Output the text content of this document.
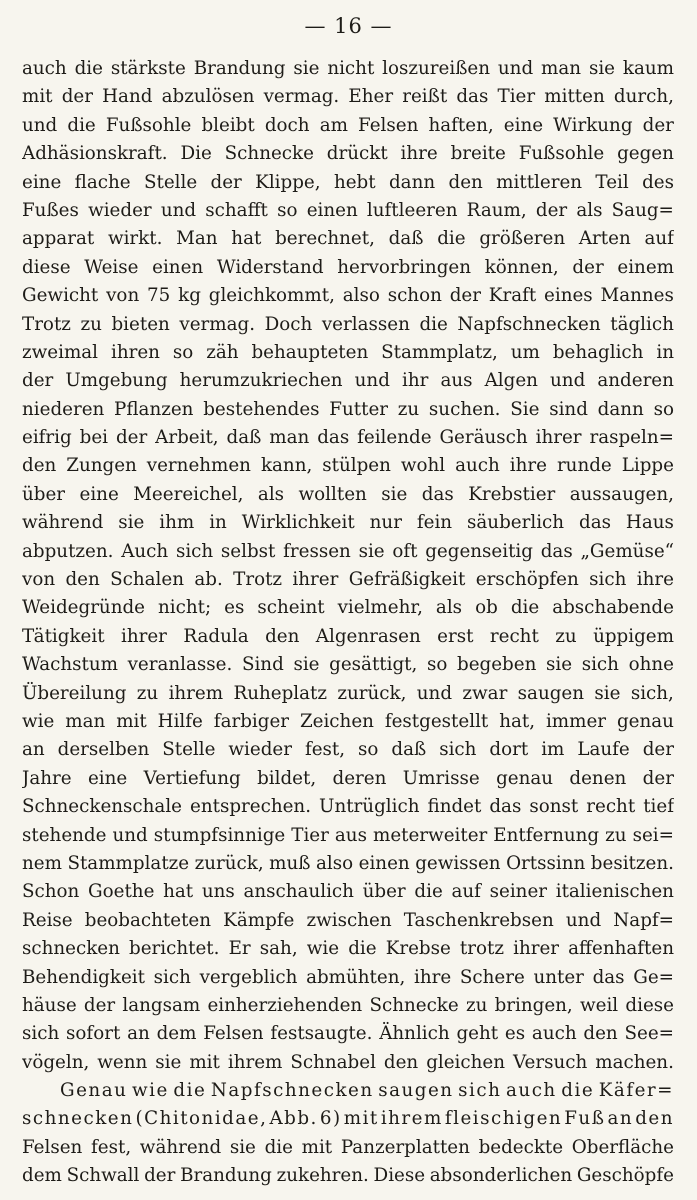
— 16 —
auch die stärkste Brandung sie nicht loszureißen und man sie kaum
mit der Hand abzulösen vermag. Eher reißt das Tier mitten durch,
und die Fußsohle bleibt doch am Felsen haften, eine Wirkung der
Adhäsionskraft. Die Schnecke drückt ihre breite Fußsohle gegen
eine flache Stelle der Klippe, hebt dann den mittleren Teil des
Fußes wieder und schafft so einen luftleeren Raum, der als Saug=
apparat wirkt. Man hat berechnet, daß die größeren Arten auf
diese Weise einen Widerstand hervorbringen können, der einem
Gewicht von 75 kg gleichkommt, also schon der Kraft eines Mannes
Trotz zu bieten vermag. Doch verlassen die Napfschnecken täglich
zweimal ihren so zäh behaupteten Stammplatz, um behaglich in
der Umgebung herumzukriechen und ihr aus Algen und anderen
niederen Pflanzen bestehendes Futter zu suchen. Sie sind dann so
eifrig bei der Arbeit, daß man das feilende Geräusch ihrer raspeln=
den Zungen vernehmen kann, stülpen wohl auch ihre runde Lippe
über eine Meereichel, als wollten sie das Krebstier aussaugen,
während sie ihm in Wirklichkeit nur fein säuberlich das Haus
abputzen. Auch sich selbst fressen sie oft gegenseitig das „Gemüse“
von den Schalen ab. Trotz ihrer Gefräßigkeit erschöpfen sich ihre
Weidegründe nicht; es scheint vielmehr, als ob die abschabende
Tätigkeit ihrer Radula den Algenrasen erst recht zu üppigem
Wachstum veranlasse. Sind sie gesättigt, so begeben sie sich ohne
Übereilung zu ihrem Ruheplatz zurück, und zwar saugen sie sich,
wie man mit Hilfe farbiger Zeichen festgestellt hat, immer genau
an derselben Stelle wieder fest, so daß sich dort im Laufe der
Jahre eine Vertiefung bildet, deren Umrisse genau denen der
Schneckenschale entsprechen. Untrüglich findet das sonst recht tief
stehende und stumpfsinnige Tier aus meterweiter Entfernung zu sei=
nem Stammplatze zurück, muß also einen gewissen Ortssinn besitzen.
Schon Goethe hat uns anschaulich über die auf seiner italienischen
Reise beobachteten Kämpfe zwischen Taschenkrebsen und Napf=
schnecken berichtet. Er sah, wie die Krebse trotz ihrer affenhaften
Behendigkeit sich vergeblich abmühten, ihre Schere unter das Ge=
häuse der langsam einherziehenden Schnecke zu bringen, weil diese
sich sofort an dem Felsen festsaugte. Ähnlich geht es auch den See=
vögeln, wenn sie mit ihrem Schnabel den gleichen Versuch machen.
Genau wie die Napfschnecken saugen sich auch die Käfer=
schnecken (Chitonidae, Abb. 6) mit ihrem fleischigen Fuß an den
Felsen fest, während sie die mit Panzerplatten bedeckte Oberfläche
dem Schwall der Brandung zukehren. Diese absonderlichen Geschöpfe
